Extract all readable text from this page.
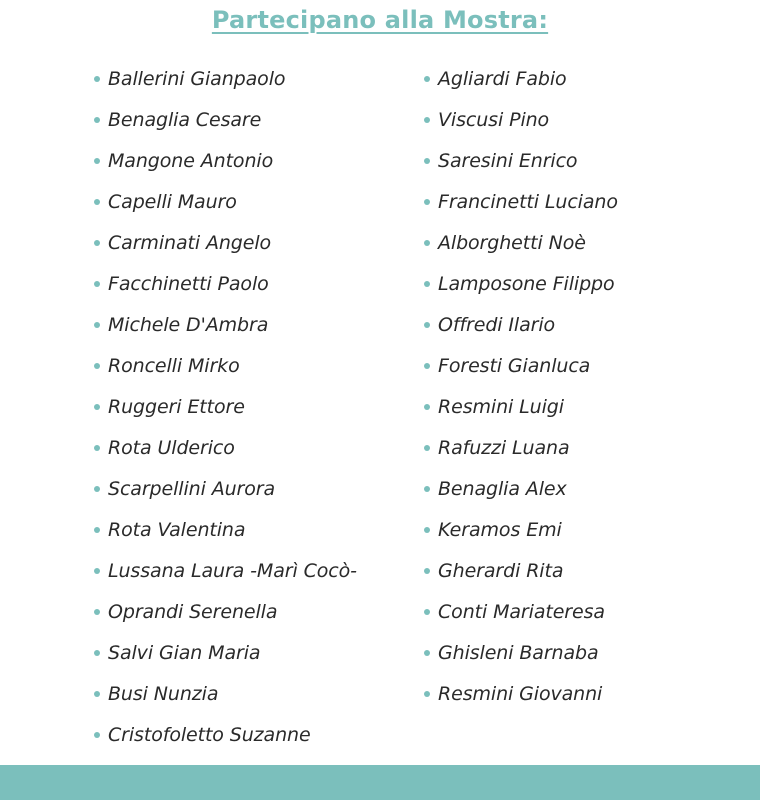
Partecipano alla Mostra:
Ballerini Gianpaolo
Benaglia Cesare
Mangone Antonio
Capelli Mauro
Carminati Angelo
Facchinetti Paolo
Michele D'Ambra
Roncelli Mirko
Ruggeri Ettore
Rota Ulderico
Scarpellini Aurora
Rota Valentina
Lussana Laura -Marì Cocò-
Oprandi Serenella
Salvi Gian Maria
Busi Nunzia
Cristofoletto Suzanne
Agliardi Fabio
Viscusi Pino
Saresini Enrico
Francinetti Luciano
Alborghetti Noè
Lamposone Filippo
Offredi Ilario
Foresti Gianluca
Resmini Luigi
Rafuzzi Luana
Benaglia Alex
Keramos Emi
Gherardi Rita
Conti Mariateresa
Ghisleni Barnaba
Resmini Giovanni
